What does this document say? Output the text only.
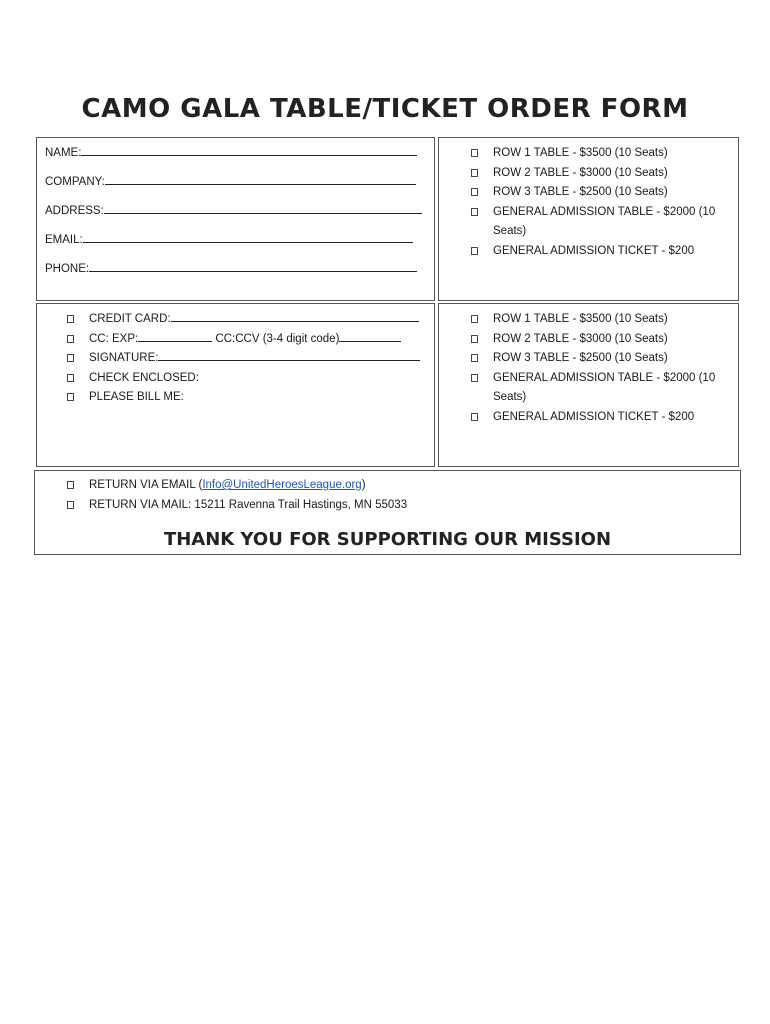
CAMO GALA TABLE/TICKET ORDER FORM
NAME:
COMPANY:
ADDRESS:
EMAIL:
PHONE:
ROW 1 TABLE - $3500 (10 Seats)
ROW 2 TABLE - $3000 (10 Seats)
ROW 3 TABLE - $2500 (10 Seats)
GENERAL ADMISSION TABLE - $2000 (10 Seats)
GENERAL ADMISSION TICKET - $200
CREDIT CARD:
CC: EXP:	CC:CCV (3-4 digit code)
SIGNATURE:
CHECK ENCLOSED:
PLEASE BILL ME:
ROW 1 TABLE - $3500 (10 Seats)
ROW 2 TABLE - $3000 (10 Seats)
ROW 3 TABLE - $2500 (10 Seats)
GENERAL ADMISSION TABLE - $2000 (10 Seats)
GENERAL ADMISSION TICKET - $200
RETURN VIA EMAIL (Info@UnitedHeroesLeague.org)
RETURN VIA MAIL: 15211 Ravenna Trail Hastings, MN 55033
THANK YOU FOR SUPPORTING OUR MISSION
